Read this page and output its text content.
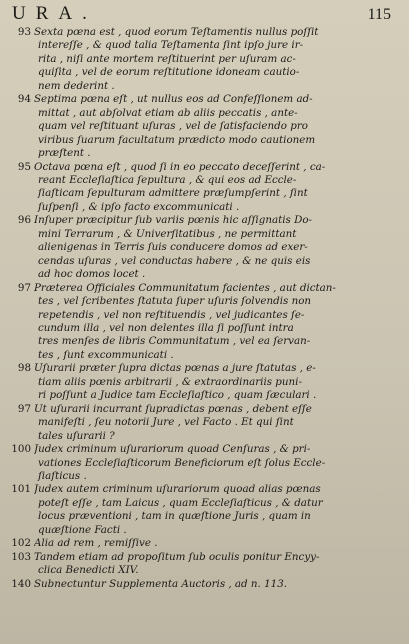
URA.	115
93 Sexta pœna est , quod eorum Teſtamentis nullus poſſit
intereſſe , & quod talia Teſtamenta ſint ipſo jure ir-
rita , niſi ante mortem reſtituerint per uſuram ac-
quiſita , vel de eorum reſtitutione idoneam cautio-
nem dederint .
94 Septima pœna eſt , ut nullus eos ad Confeſſionem ad-
mittat , aut abſolvat etiam ab aliis peccatis , ante-
quam vel reſtituant uſuras , vel de ſatisfaciendo pro
viribus ſuarum facultatum prædicto modo cautionem
præſtent .
95 Octava pœna eſt , quod ſi in eo peccato deceſſerint , ca-
reant Eccleſiaſtica ſepultura , & qui eos ad Eccle-
ſiaſticam ſepulturam admittere præſumpſerint , ſint
ſuſpenſi , & ipſo facto excommunicati .
96 Inſuper præcipitur ſub variis pœnis hic aſſignatis Do-
mini Terrarum , & Univerſitatibus , ne permittant
alienigenas in Terris ſuis conducere domos ad exer-
cendas uſuras , vel conductas habere , & ne quis eis
ad hoc domos locet .
97 Præterea Officiales Communitatum facientes , aut dictan-
tes , vel ſcribentes ſtatuta ſuper uſuris ſolvendis non
repetendis , vel non reſtituendis , vel judicantes ſe-
cundum illa , vel non delentes illa ſi poſſunt intra
tres menſes de libris Communitatum , vel ea ſervan-
tes , ſunt excommunicati .
98 Uſurarii præter ſupra dictas pœnas a jure ſtatutas , e-
tiam aliis pœnis arbitrarii , & extraordinariis puni-
ri poſſunt a Judice tam Eccleſiaſtico , quam ſæculari .
97 Ut uſurarii incurrant ſupradictas pœnas , debent eſſe
manifeſti , ſeu notorii Jure , vel Facto . Et qui ſint
tales uſurarii ?
100 Judex criminum uſurariorum quoad Cenſuras , & pri-
vationes Eccleſiaſticorum Beneficiorum eſt ſolus Eccle-
ſiaſticus .
101 Judex autem criminum uſurariorum quoad alias pœnas
poteſt eſſe , tam Laicus , quam Eccleſiaſticus , & datur
locus præventioni , tam in quæſtione Juris , quam in
quæſtione Facti .
102 Alia ad rem , remiſſive .
103 Tandem etiam ad propoſitum ſub oculis ponitur Encyy-
clica Benedicti XIV.
140 Subnectuntur Supplementa Auctoris , ad n. 113.
